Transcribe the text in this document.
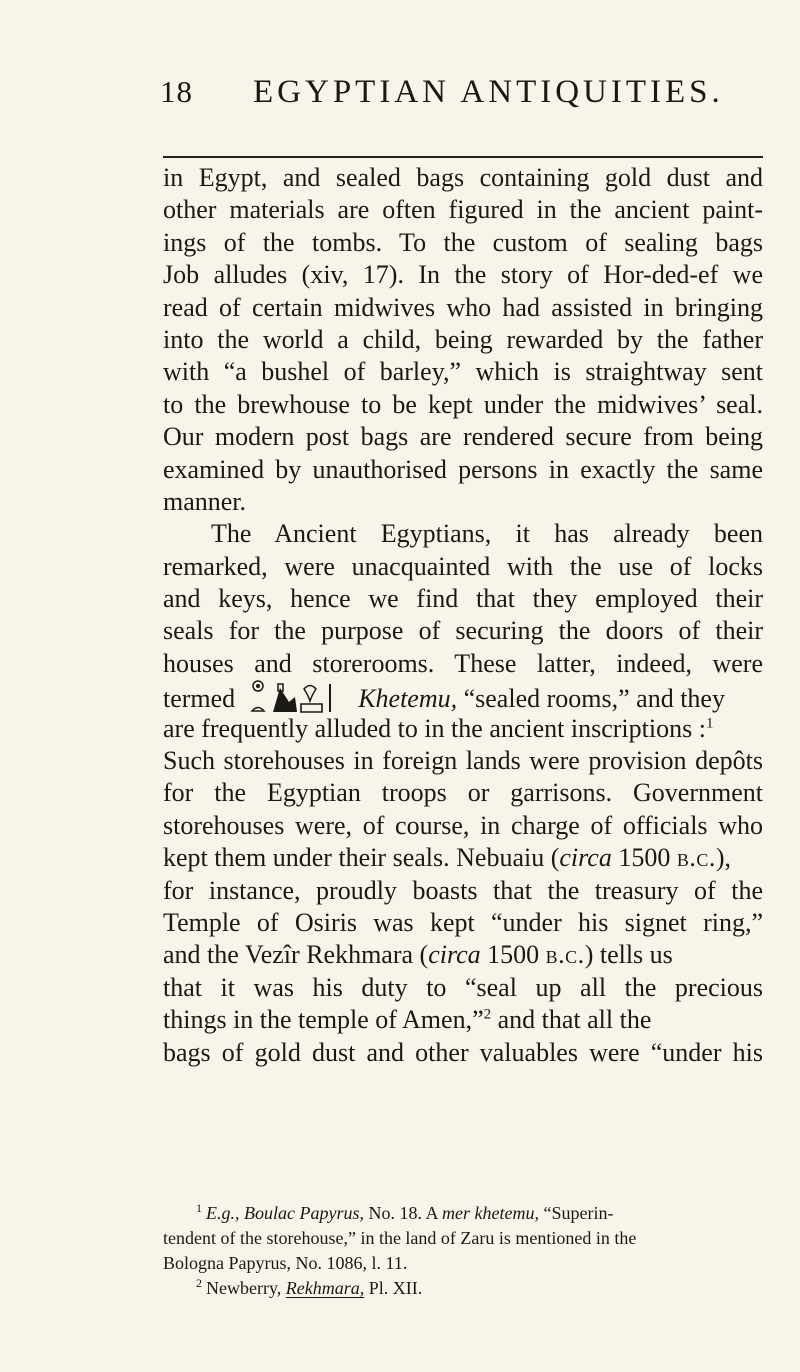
18 EGYPTIAN ANTIQUITIES.
in Egypt, and sealed bags containing gold dust and
other materials are often figured in the ancient paint-
ings of the tombs. To the custom of sealing bags
Job alludes (xiv, 17). In the story of Hor-ded-ef we
read of certain midwives who had assisted in bringing
into the world a child, being rewarded by the father
with “a bushel of barley,” which is straightway sent
to the brewhouse to be kept under the midwives’ seal.
Our modern post bags are rendered secure from being
examined by unauthorised persons in exactly the same
manner.
The Ancient Egyptians, it has already been
remarked, were unacquainted with the use of locks
and keys, hence we find that they employed their
seals for the purpose of securing the doors of their
houses and storerooms. These latter, indeed, were
termed	Khetemu, “sealed rooms,” and they
are frequently alluded to in the ancient inscriptions :$^1$
Such storehouses in foreign lands were provision depôts
for the Egyptian troops or garrisons. Government
storehouses were, of course, in charge of officials who
kept them under their seals. Nebuaiu (circa 1500 b.c.),
for instance, proudly boasts that the treasury of the
Temple of Osiris was kept “under his signet ring,”
and the Vezîr Rekhmara (circa 1500 b.c.) tells us
that it was his duty to “seal up all the precious
things in the temple of Amen,”$^2$ and that all the
bags of gold dust and other valuables were “under his
$^1$ E.g., Boulac Papyrus, No. 18. A mer khetemu, “Superin-
tendent of the storehouse,” in the land of Zaru is mentioned in the
Bologna Papyrus, No. 1086, l. 11.
$^2$ Newberry, Rekhmara, Pl. XII.
